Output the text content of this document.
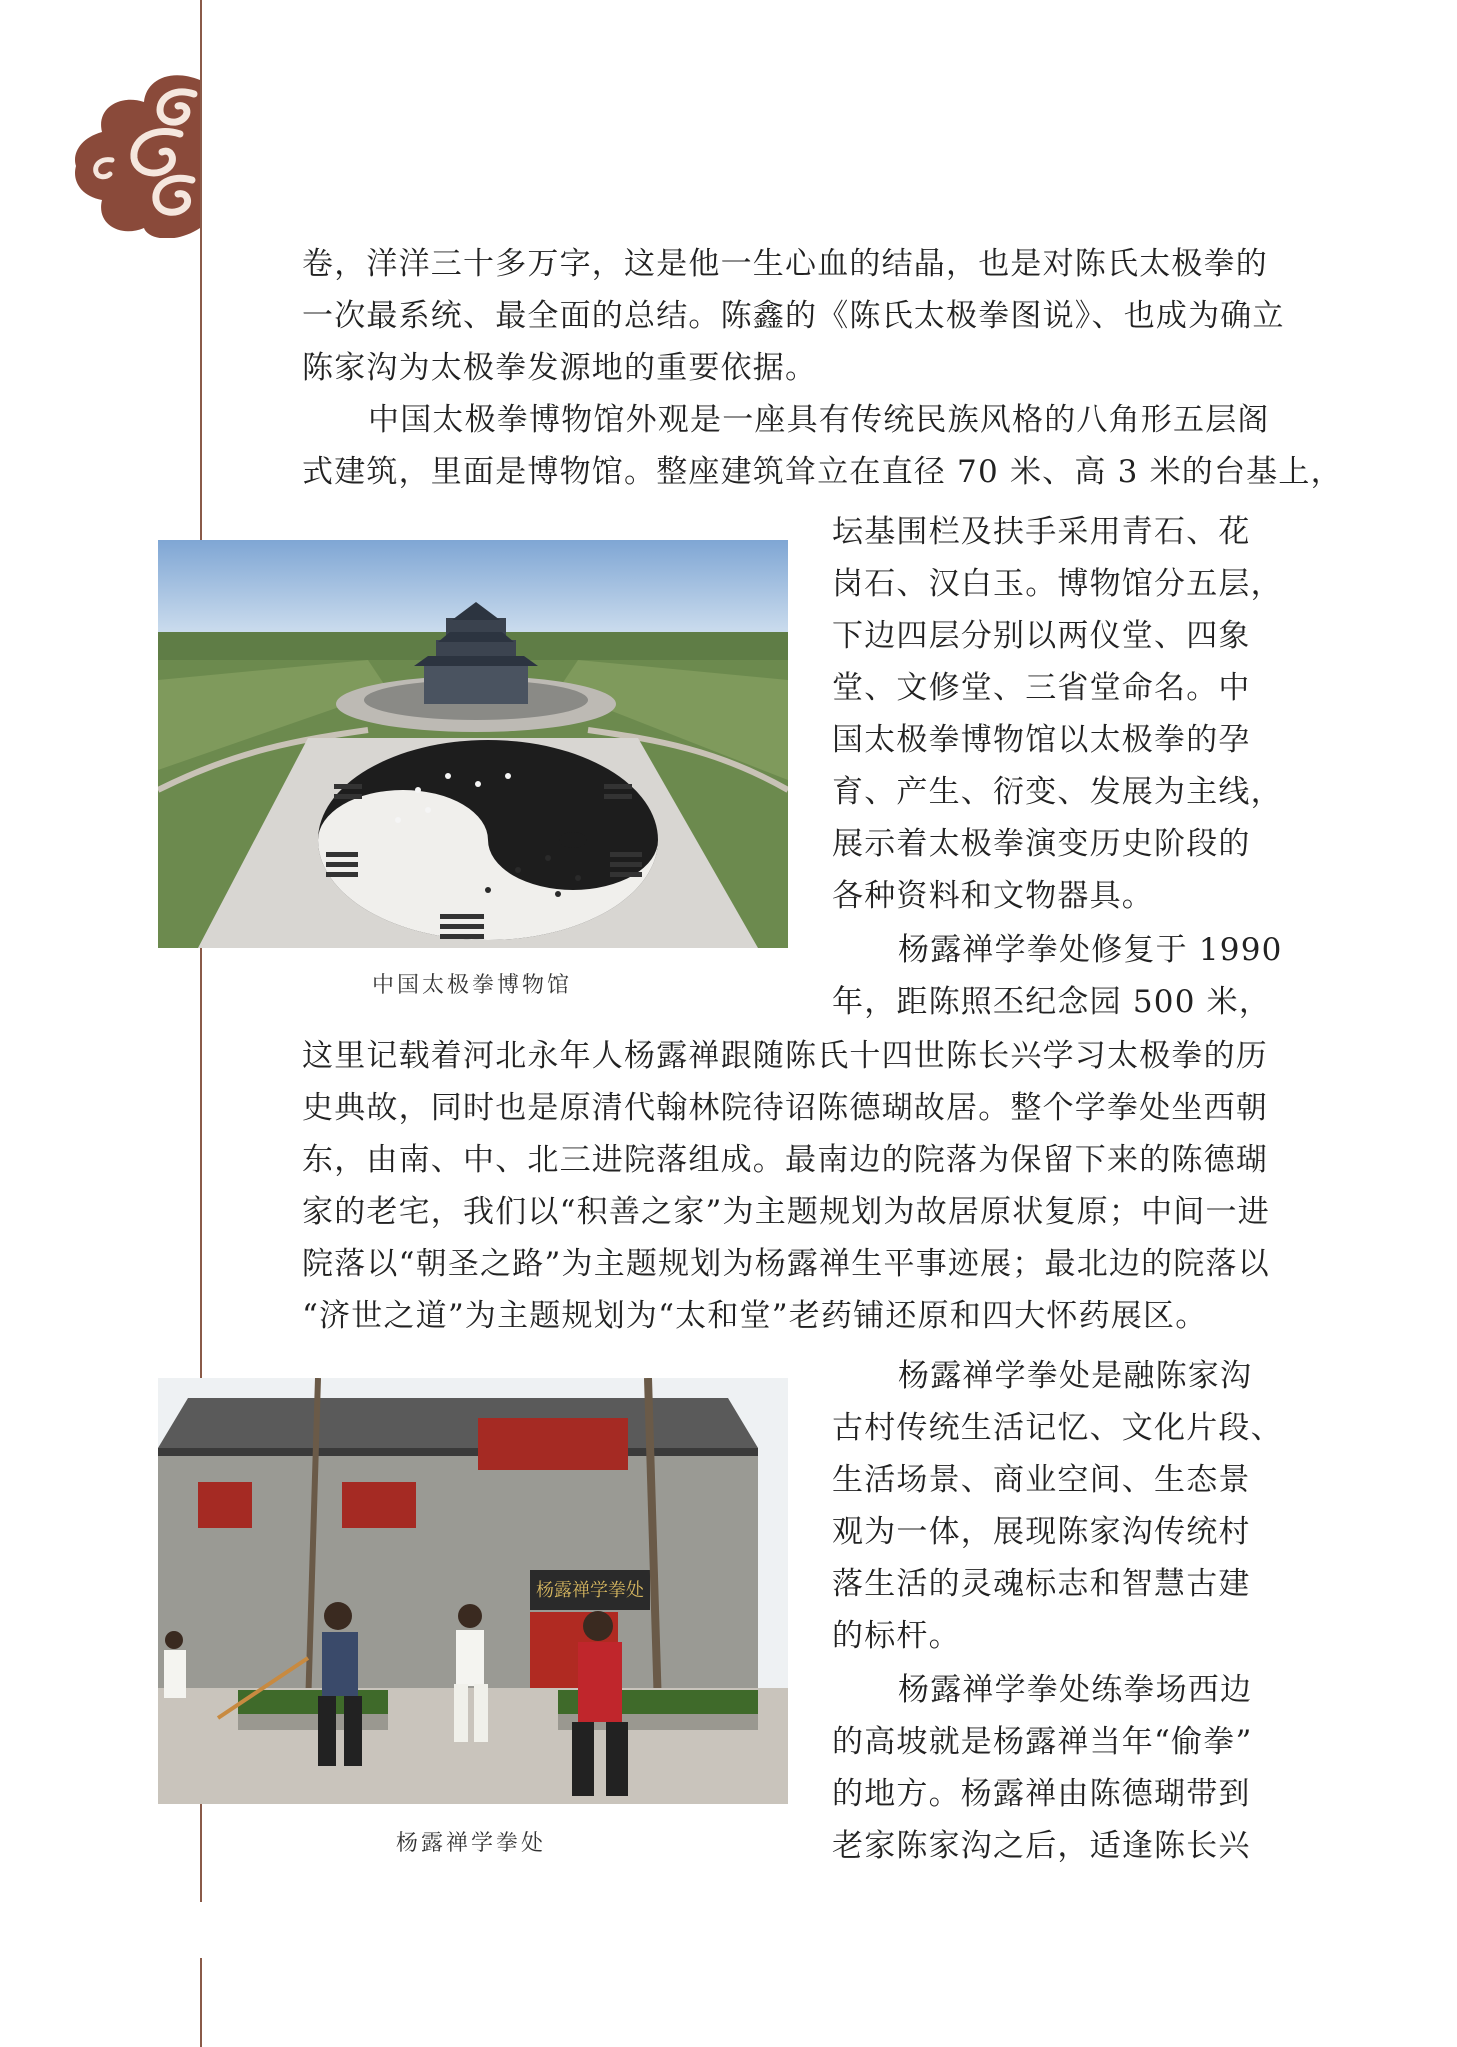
卷，洋洋三十多万字，这是他一生心血的结晶，也是对陈氏太极拳的
一次最系统、最全面的总结。陈鑫的《陈氏太极拳图说》、也成为确立
陈家沟为太极拳发源地的重要依据。
中国太极拳博物馆外观是一座具有传统民族风格的八角形五层阁
式建筑，里面是博物馆。整座建筑耸立在直径 70 米、高 3 米的台基上，
坛基围栏及扶手采用青石、花
岗石、汉白玉。博物馆分五层，
下边四层分别以两仪堂、四象
堂、文修堂、三省堂命名。中
国太极拳博物馆以太极拳的孕
育、产生、衍变、发展为主线，
展示着太极拳演变历史阶段的
各种资料和文物器具。
杨露禅学拳处修复于 1990
年，距陈照丕纪念园 500 米，
这里记载着河北永年人杨露禅跟随陈氏十四世陈长兴学习太极拳的历
史典故，同时也是原清代翰林院待诏陈德瑚故居。整个学拳处坐西朝
东，由南、中、北三进院落组成。最南边的院落为保留下来的陈德瑚
家的老宅，我们以“积善之家”为主题规划为故居原状复原；中间一进
院落以“朝圣之路”为主题规划为杨露禅生平事迹展；最北边的院落以
“济世之道”为主题规划为“太和堂”老药铺还原和四大怀药展区。
杨露禅学拳处是融陈家沟
古村传统生活记忆、文化片段、
生活场景、商业空间、生态景
观为一体，展现陈家沟传统村
落生活的灵魂标志和智慧古建
的标杆。
杨露禅学拳处练拳场西边
的高坡就是杨露禅当年“偷拳”
的地方。杨露禅由陈德瑚带到
老家陈家沟之后，适逢陈长兴
中国太极拳博物馆
杨露禅学拳处
杨露禅学拳处
